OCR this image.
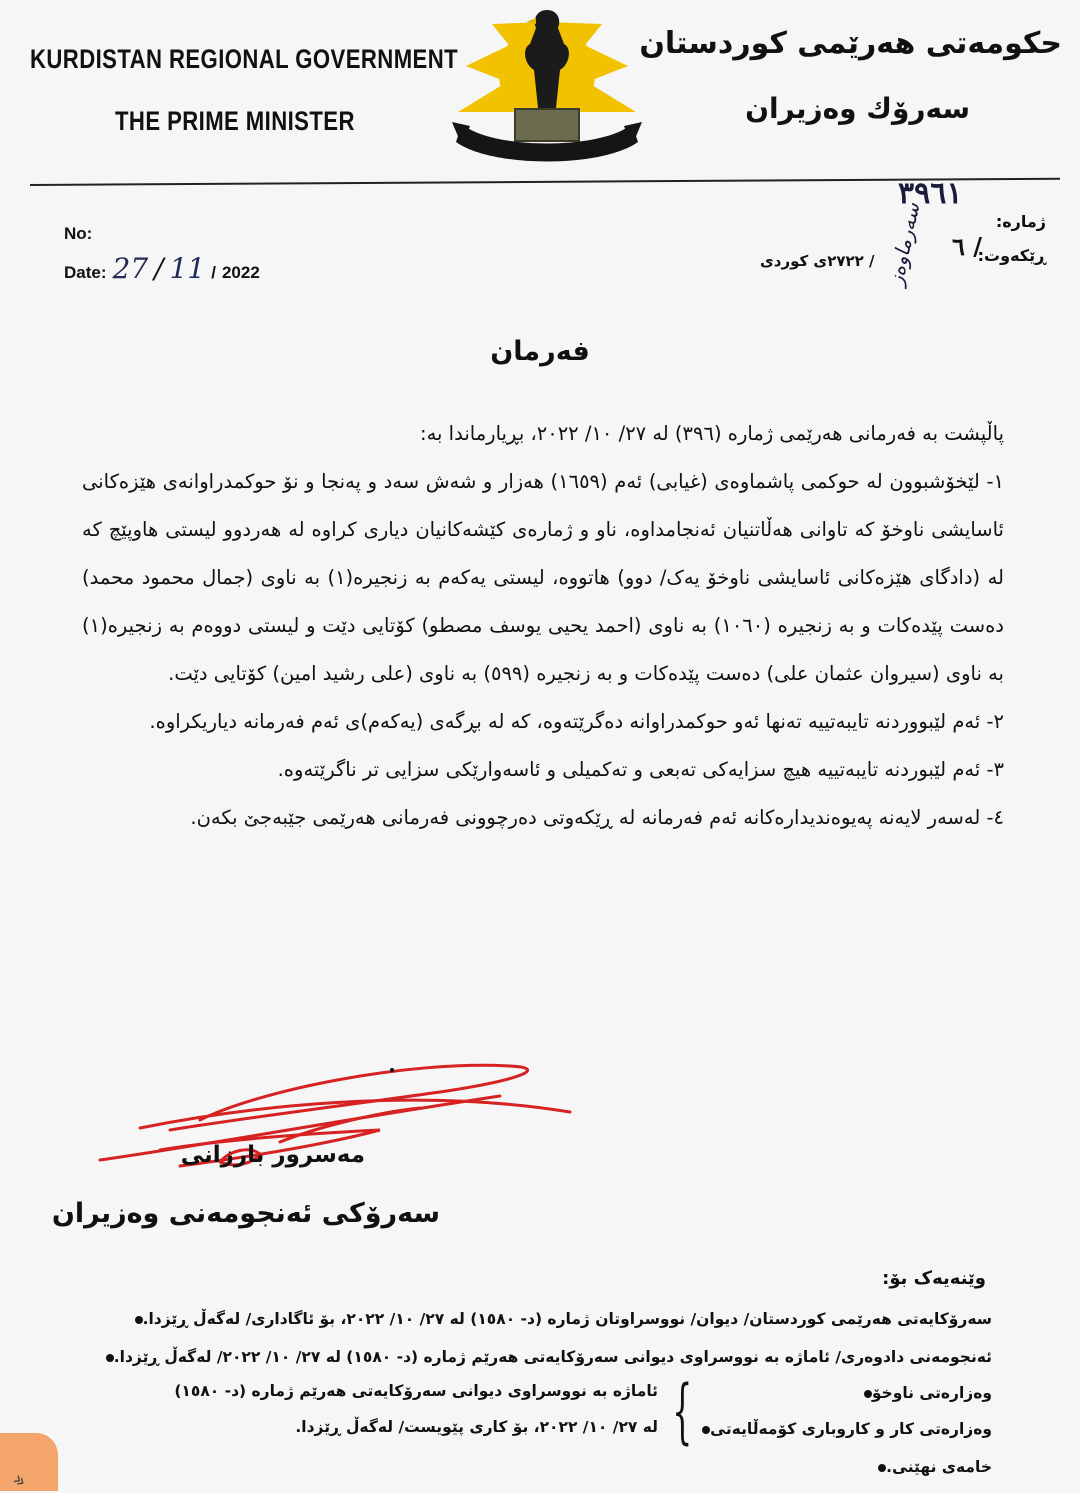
KURDISTAN REGIONAL GOVERNMENT
THE PRIME MINISTER
حکومەتی هەرێمی کوردستان
سەرۆك وەزیران
No:
Date: 27 / 11 / 2022
۳۹٦۱
ژمارە:
ڕێکەوت:
٦ /
سەرماوەز
/ ۲۷۲۲ی کوردی
فەرمان

پاڵپشت بە فەرمانی هەرێمی ژمارە (۳۹٦) لە ۲۷/ ۱۰/ ۲۰۲۲، بڕیارماندا بە:

١- لێخۆشبوون لە حوکمی پاشماوەی (غیابی) ئەم (۱٦٥۹) هەزار و شەش سەد و پەنجا و نۆ حوکمدراوانەی هێزەکانی ئاسایشی ناوخۆ کە تاوانی هەڵاتنیان ئەنجامداوە، ناو و ژمارەی کێشەکانیان دیاری کراوە لە هەردوو لیستی هاوپێچ کە لە (دادگای هێزەکانی ئاسایشی ناوخۆ یەک/ دوو) هاتووە، لیستی یەکەم بە زنجیرە(۱) بە ناوی (جمال محمود محمد) دەست پێدەکات و بە زنجیرە (۱۰٦۰) بە ناوی (احمد یحیی یوسف مصطو) کۆتایی دێت و لیستی دووەم بە زنجیرە(۱) بە ناوی (سیروان عثمان علی) دەست پێدەکات و بە زنجیرە (٥۹۹) بە ناوی (علی رشید امین) کۆتایی دێت.

٢- ئەم لێبووردنە تایبەتییە تەنها ئەو حوکمدراوانە دەگرێتەوە، کە لە بڕگەی (یەکەم)ی ئەم فەرمانە دیاریکراوە.

٣- ئەم لێبوردنە تایبەتییە هیچ سزایەکی تەبعی و تەکمیلی و ئاسەوارێکی سزایی تر ناگرێتەوە.

٤- لەسەر لایەنە پەیوەندیدارەکانە ئەم فەرمانە لە ڕێکەوتی دەرچوونی فەرمانی هەرێمی جێبەجێ بکەن.

مەسرور بارزانی
سەرۆکی ئەنجومەنی وەزیران
وێنەیەک بۆ:
سەرۆکایەتی هەرێمی کوردستان/ دیوان/ نووسراوتان ژمارە (د- ۱٥۸۰) لە ۲۷/ ۱۰/ ۲۰۲۲، بۆ ئاگاداری/ لەگەڵ ڕێزدا.
ئەنجومەنی دادوەری/ ئاماژە بە نووسراوی دیوانی سەرۆکایەتی هەرێم ژمارە (د- ۱٥۸۰) لە ۲۷/ ۱۰/ ۲۰۲۲/ لەگەڵ ڕێزدا.
وەزارەتی ناوخۆ
وەزارەتی کار و کاروباری کۆمەڵایەتی
خامەی نهێنی.
{
ئاماژە بە نووسراوی دیوانی سەرۆکایەتی هەرێم ژمارە (د- ۱٥۸۰)
لە ۲۷/ ۱۰/ ۲۰۲۲، بۆ کاری پێویست/ لەگەڵ ڕێزدا.
»
